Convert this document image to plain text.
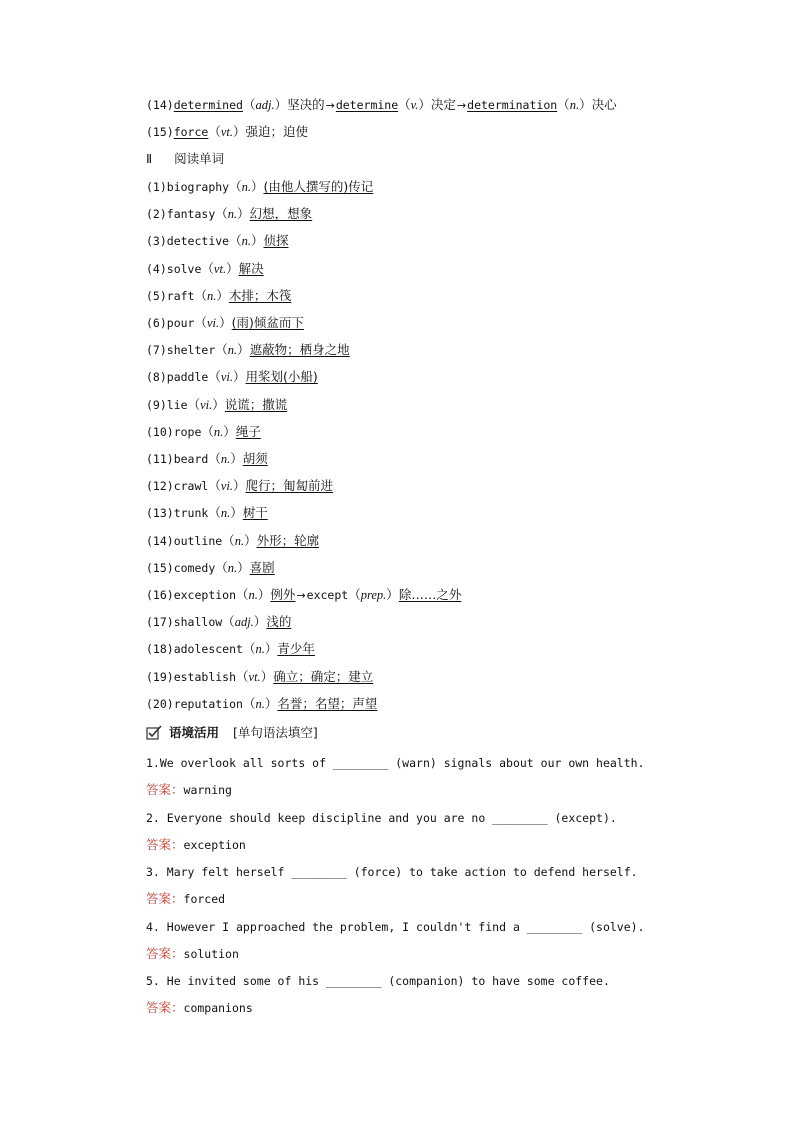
(14)determined（adj.）坚决的→determine（v.）决定→determination（n.）决心
(15)force（vt.）强迫；迫使
Ⅱ 阅读单词
(1)biography（n.）(由他人撰写的)传记
(2)fantasy（n.）幻想，想象
(3)detective（n.）侦探
(4)solve（vt.）解决
(5)raft（n.）木排；木筏
(6)pour（vi.）(雨)倾盆而下
(7)shelter（n.）遮蔽物；栖身之地
(8)paddle（vi.）用桨划(小船)
(9)lie（vi.）说谎；撒谎
(10)rope（n.）绳子
(11)beard（n.）胡须
(12)crawl（vi.）爬行；匍匐前进
(13)trunk（n.）树干
(14)outline（n.）外形；轮廓
(15)comedy（n.）喜剧
(16)exception（n.）例外→except（prep.）除……之外
(17)shallow（adj.）浅的
(18)adolescent（n.）青少年
(19)establish（vt.）确立；确定；建立
(20)reputation（n.）名誉；名望；声望
语境活用 [单句语法填空]
1.We overlook all sorts of ________ (warn) signals about our own health.
答案：warning
2. Everyone should keep discipline and you are no ________ (except).
答案：exception
3. Mary felt herself ________ (force) to take action to defend herself.
答案：forced
4. However I approached the problem, I couldn't find a ________ (solve).
答案：solution
5. He invited some of his ________ (companion) to have some coffee.
答案：companions
